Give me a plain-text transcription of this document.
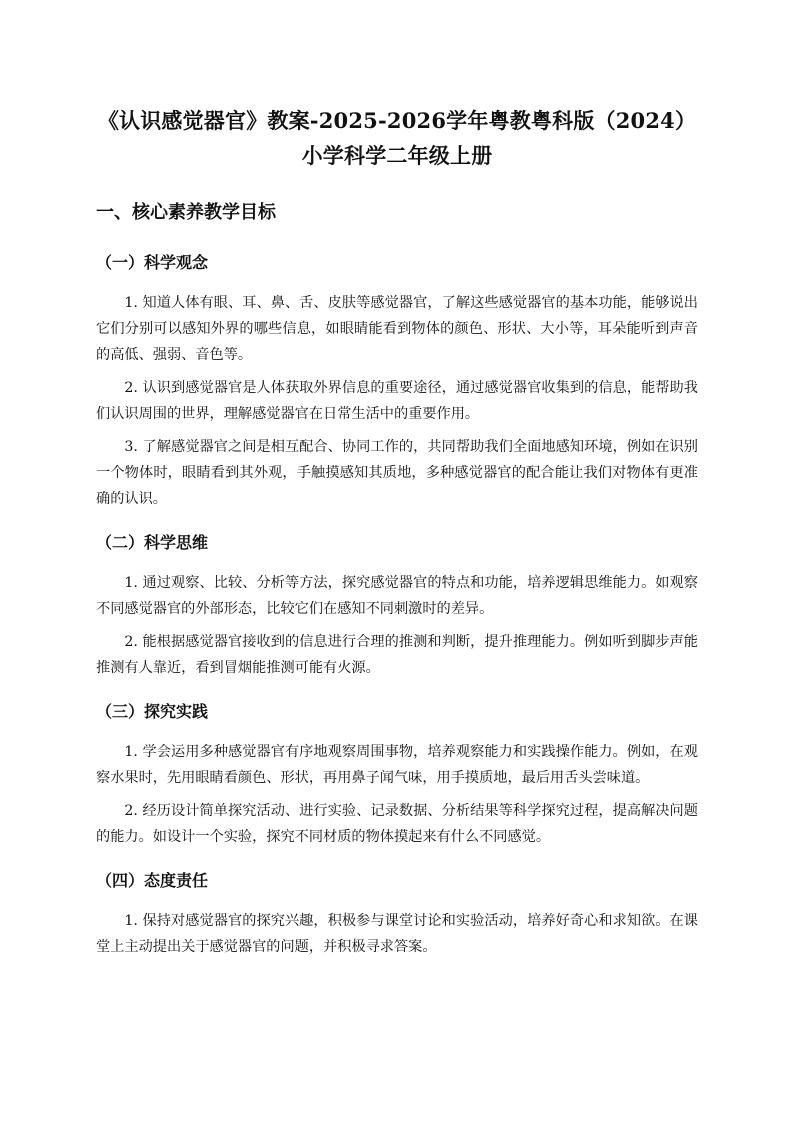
《认识感觉器官》教案-2025-2026学年粤教粤科版（2024）小学科学二年级上册
一、核心素养教学目标
（一）科学观念

1. 知道人体有眼、耳、鼻、舌、皮肤等感觉器官，了解这些感觉器官的基本功能，能够说出它们分别可以感知外界的哪些信息，如眼睛能看到物体的颜色、形状、大小等，耳朵能听到声音的高低、强弱、音色等。

2. 认识到感觉器官是人体获取外界信息的重要途径，通过感觉器官收集到的信息，能帮助我们认识周围的世界，理解感觉器官在日常生活中的重要作用。

3. 了解感觉器官之间是相互配合、协同工作的，共同帮助我们全面地感知环境，例如在识别一个物体时，眼睛看到其外观，手触摸感知其质地，多种感觉器官的配合能让我们对物体有更准确的认识。

（二）科学思维

1. 通过观察、比较、分析等方法，探究感觉器官的特点和功能，培养逻辑思维能力。如观察不同感觉器官的外部形态，比较它们在感知不同刺激时的差异。

2. 能根据感觉器官接收到的信息进行合理的推测和判断，提升推理能力。例如听到脚步声能推测有人靠近，看到冒烟能推测可能有火源。

（三）探究实践

1. 学会运用多种感觉器官有序地观察周围事物，培养观察能力和实践操作能力。例如，在观察水果时，先用眼睛看颜色、形状，再用鼻子闻气味，用手摸质地，最后用舌头尝味道。

2. 经历设计简单探究活动、进行实验、记录数据、分析结果等科学探究过程，提高解决问题的能力。如设计一个实验，探究不同材质的物体摸起来有什么不同感觉。

（四）态度责任

1. 保持对感觉器官的探究兴趣，积极参与课堂讨论和实验活动，培养好奇心和求知欲。在课堂上主动提出关于感觉器官的问题，并积极寻求答案。
